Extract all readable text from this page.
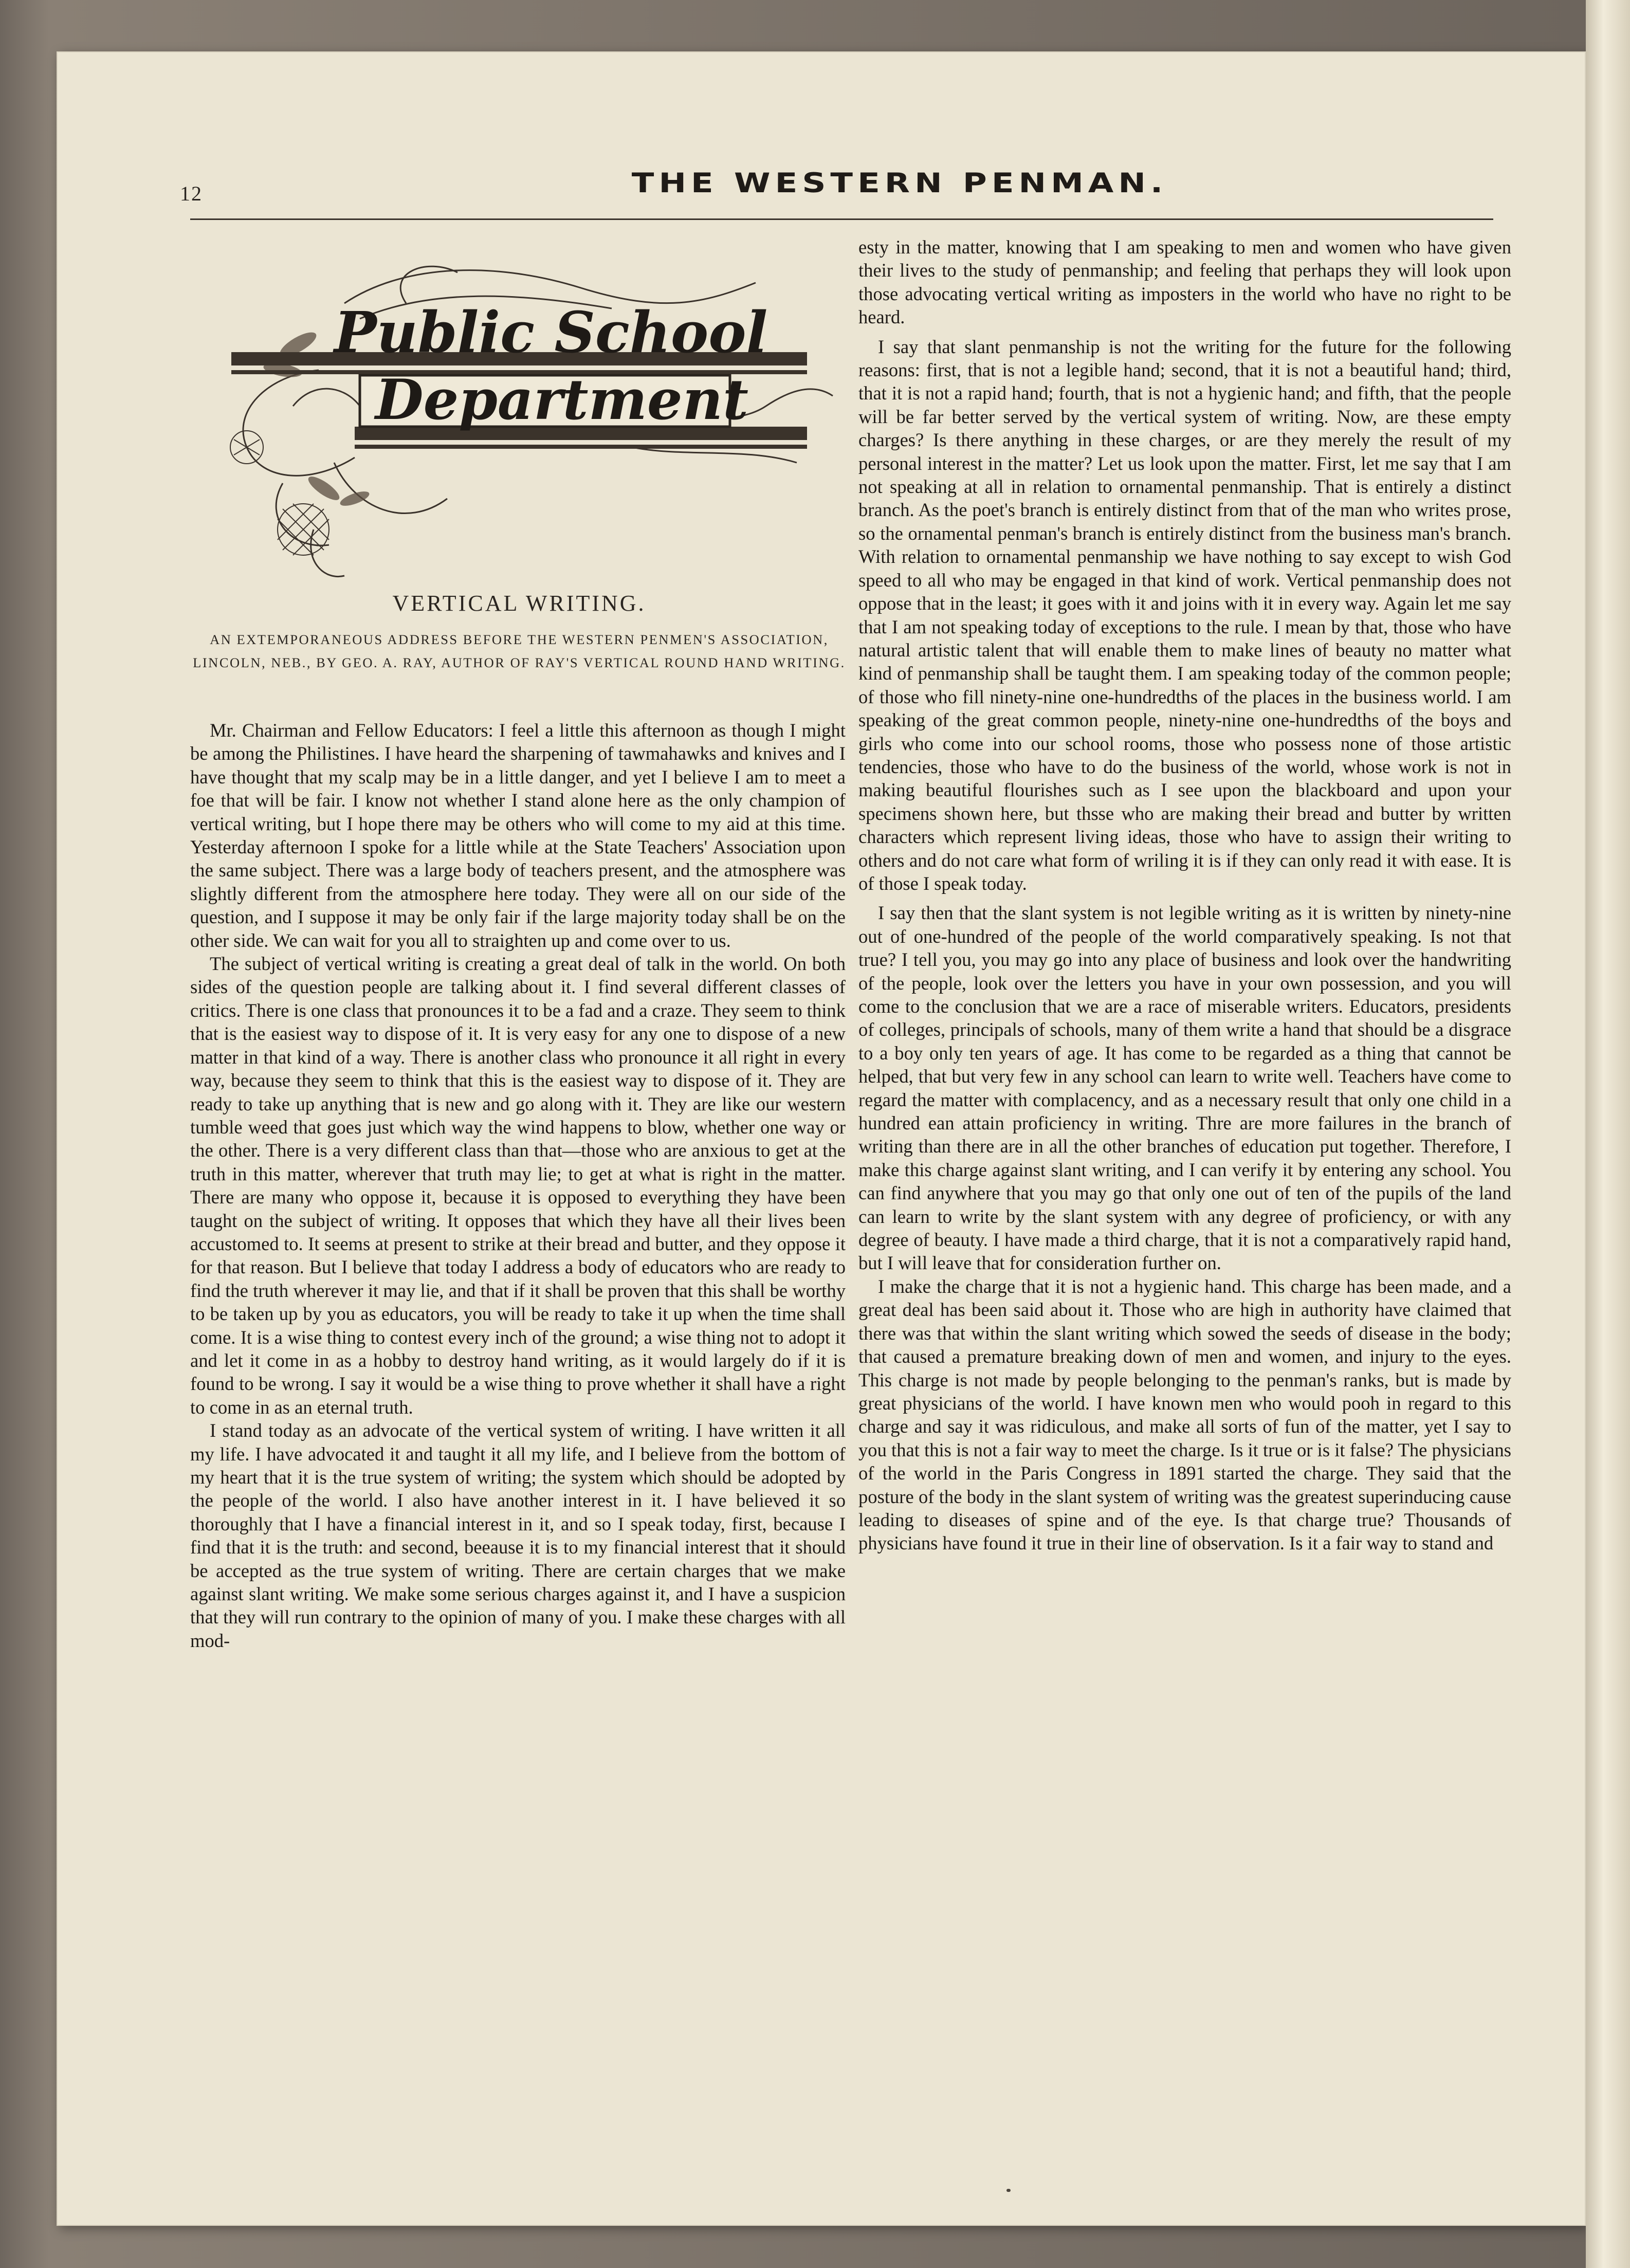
12	THE WESTERN PENMAN.
Public School
Department
VERTICAL WRITING.
AN EXTEMPORANEOUS ADDRESS BEFORE THE WESTERN PENMEN'S ASSOCIATION, LINCOLN, NEB., BY GEO. A. RAY, AUTHOR OF RAY'S VERTICAL ROUND HAND WRITING.

Mr. Chairman and Fellow Educators: I feel a little this afternoon as though I might be among the Philistines. I have heard the sharpening of tawmahawks and knives and I have thought that my scalp may be in a little danger, and yet I believe I am to meet a foe that will be fair. I know not whether I stand alone here as the only champion of vertical writing, but I hope there may be others who will come to my aid at this time. Yesterday afternoon I spoke for a little while at the State Teachers' Association upon the same subject. There was a large body of teachers present, and the atmosphere was slightly different from the atmosphere here today. They were all on our side of the question, and I suppose it may be only fair if the large majority today shall be on the other side. We can wait for you all to straighten up and come over to us.

The subject of vertical writing is creating a great deal of talk in the world. On both sides of the question people are talking about it. I find several different classes of critics. There is one class that pronounces it to be a fad and a craze. They seem to think that is the easiest way to dispose of it. It is very easy for any one to dispose of a new matter in that kind of a way. There is another class who pronounce it all right in every way, because they seem to think that this is the easiest way to dispose of it. They are ready to take up anything that is new and go along with it. They are like our western tumble weed that goes just which way the wind happens to blow, whether one way or the other. There is a very different class than that—those who are anxious to get at the truth in this matter, wherever that truth may lie; to get at what is right in the matter. There are many who oppose it, because it is opposed to everything they have been taught on the subject of writing. It opposes that which they have all their lives been accustomed to. It seems at present to strike at their bread and butter, and they oppose it for that reason. But I believe that today I address a body of educators who are ready to find the truth wherever it may lie, and that if it shall be proven that this shall be worthy to be taken up by you as educators, you will be ready to take it up when the time shall come. It is a wise thing to contest every inch of the ground; a wise thing not to adopt it and let it come in as a hobby to destroy hand writing, as it would largely do if it is found to be wrong. I say it would be a wise thing to prove whether it shall have a right to come in as an eternal truth.

I stand today as an advocate of the vertical system of writing. I have written it all my life. I have advocated it and taught it all my life, and I believe from the bottom of my heart that it is the true system of writing; the system which should be adopted by the people of the world. I also have another interest in it. I have believed it so thoroughly that I have a financial interest in it, and so I speak today, first, because I find that it is the truth: and second, beeause it is to my financial interest that it should be accepted as the true system of writing. There are certain charges that we make against slant writing. We make some serious charges against it, and I have a suspicion that they will run contrary to the opinion of many of you. I make these charges with all mod-

esty in the matter, knowing that I am speaking to men and women who have given their lives to the study of penmanship; and feeling that perhaps they will look upon those advocating vertical writing as imposters in the world who have no right to be heard.

I say that slant penmanship is not the writing for the future for the following reasons: first, that is not a legible hand; second, that it is not a beautiful hand; third, that it is not a rapid hand; fourth, that is not a hygienic hand; and fifth, that the people will be far better served by the vertical system of writing. Now, are these empty charges? Is there anything in these charges, or are they merely the result of my personal interest in the matter? Let us look upon the matter. First, let me say that I am not speaking at all in relation to ornamental penmanship. That is entirely a distinct branch. As the poet's branch is entirely distinct from that of the man who writes prose, so the ornamental penman's branch is entirely distinct from the business man's branch. With relation to ornamental penmanship we have nothing to say except to wish God speed to all who may be engaged in that kind of work. Vertical penmanship does not oppose that in the least; it goes with it and joins with it in every way. Again let me say that I am not speaking today of exceptions to the rule. I mean by that, those who have natural artistic talent that will enable them to make lines of beauty no matter what kind of penmanship shall be taught them. I am speaking today of the common people; of those who fill ninety-nine one-hundredths of the places in the business world. I am speaking of the great common people, ninety-nine one-hundredths of the boys and girls who come into our school rooms, those who possess none of those artistic tendencies, those who have to do the business of the world, whose work is not in making beautiful flourishes such as I see upon the blackboard and upon your specimens shown here, but thsse who are making their bread and butter by written characters which represent living ideas, those who have to assign their writing to others and do not care what form of wriling it is if they can only read it with ease. It is of those I speak today.

I say then that the slant system is not legible writing as it is written by ninety-nine out of one-hundred of the people of the world comparatively speaking. Is not that true? I tell you, you may go into any place of business and look over the handwriting of the people, look over the letters you have in your own possession, and you will come to the conclusion that we are a race of miserable writers. Educators, presidents of colleges, principals of schools, many of them write a hand that should be a disgrace to a boy only ten years of age. It has come to be regarded as a thing that cannot be helped, that but very few in any school can learn to write well. Teachers have come to regard the matter with complacency, and as a necessary result that only one child in a hundred ean attain proficiency in writing. Thre are more failures in the branch of writing than there are in all the other branches of education put together. Therefore, I make this charge against slant writing, and I can verify it by entering any school. You can find anywhere that you may go that only one out of ten of the pupils of the land can learn to write by the slant system with any degree of proficiency, or with any degree of beauty. I have made a third charge, that it is not a comparatively rapid hand, but I will leave that for consideration further on.

I make the charge that it is not a hygienic hand. This charge has been made, and a great deal has been said about it. Those who are high in authority have claimed that there was that within the slant writing which sowed the seeds of disease in the body; that caused a premature breaking down of men and women, and injury to the eyes. This charge is not made by people belonging to the penman's ranks, but is made by great physicians of the world. I have known men who would pooh in regard to this charge and say it was ridiculous, and make all sorts of fun of the matter, yet I say to you that this is not a fair way to meet the charge. Is it true or is it false? The physicians of the world in the Paris Congress in 1891 started the charge. They said that the posture of the body in the slant system of writing was the greatest superinducing cause leading to diseases of spine and of the eye. Is that charge true? Thousands of physicians have found it true in their line of observation. Is it a fair way to stand and
